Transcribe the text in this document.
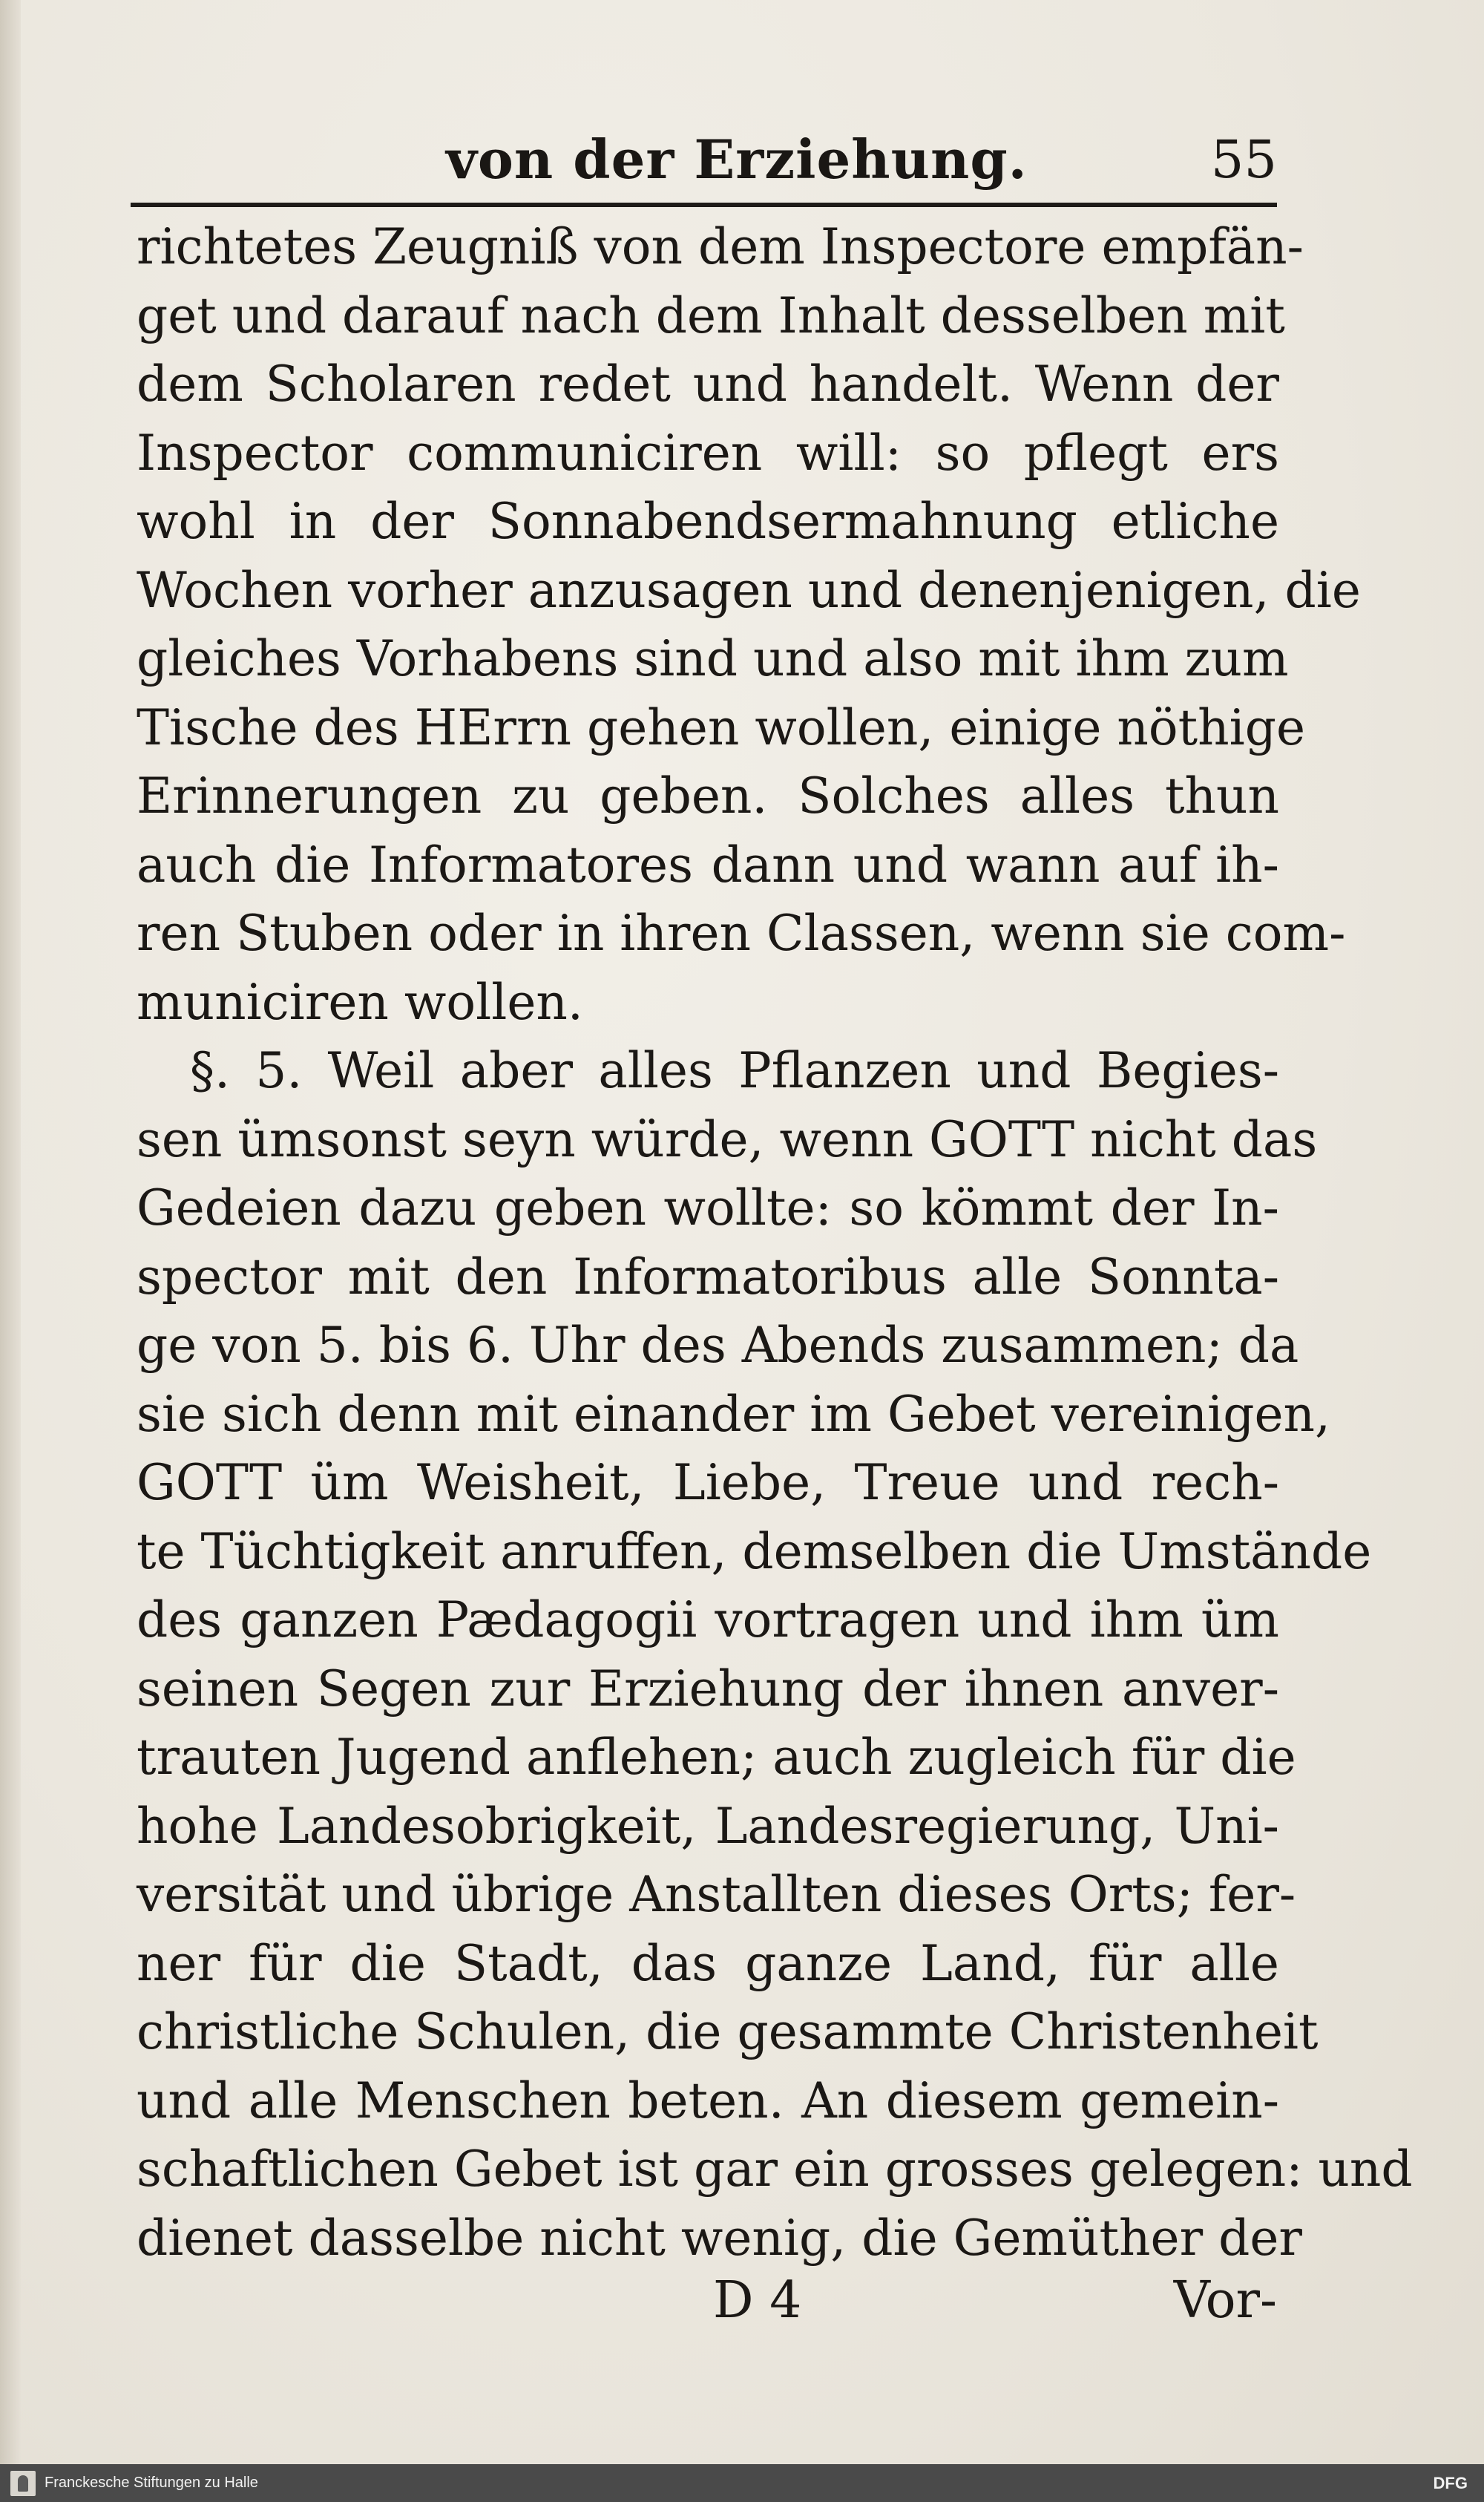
von der Erziehung.	55
richtetes Zeugniß von dem Inspectore empfän-
get und darauf nach dem Inhalt desselben mit
dem Scholaren redet und handelt. Wenn der
Inspector communiciren will: so pflegt ers
wohl in der Sonnabendsermahnung etliche
Wochen vorher anzusagen und denenjenigen, die
gleiches Vorhabens sind und also mit ihm zum
Tische des HErrn gehen wollen, einige nöthige
Erinnerungen zu geben. Solches alles thun
auch die Informatores dann und wann auf ih-
ren Stuben oder in ihren Classen, wenn sie com-
municiren wollen.
§. 5. Weil aber alles Pflanzen und Begies-
sen ümsonst seyn würde, wenn GOTT nicht das
Gedeien dazu geben wollte: so kömmt der In-
spector mit den Informatoribus alle Sonnta-
ge von 5. bis 6. Uhr des Abends zusammen; da
sie sich denn mit einander im Gebet vereinigen,
GOTT üm Weisheit, Liebe, Treue und rech-
te Tüchtigkeit anruffen, demselben die Umstände
des ganzen Pædagogii vortragen und ihm üm
seinen Segen zur Erziehung der ihnen anver-
trauten Jugend anflehen; auch zugleich für die
hohe Landesobrigkeit, Landesregierung, Uni-
versität und übrige Anstallten dieses Orts; fer-
ner für die Stadt, das ganze Land, für alle
christliche Schulen, die gesammte Christenheit
und alle Menschen beten. An diesem gemein-
schaftlichen Gebet ist gar ein grosses gelegen: und
dienet dasselbe nicht wenig, die Gemüther der
D 4	Vor-
Franckesche Stiftungen zu Halle	DFG
